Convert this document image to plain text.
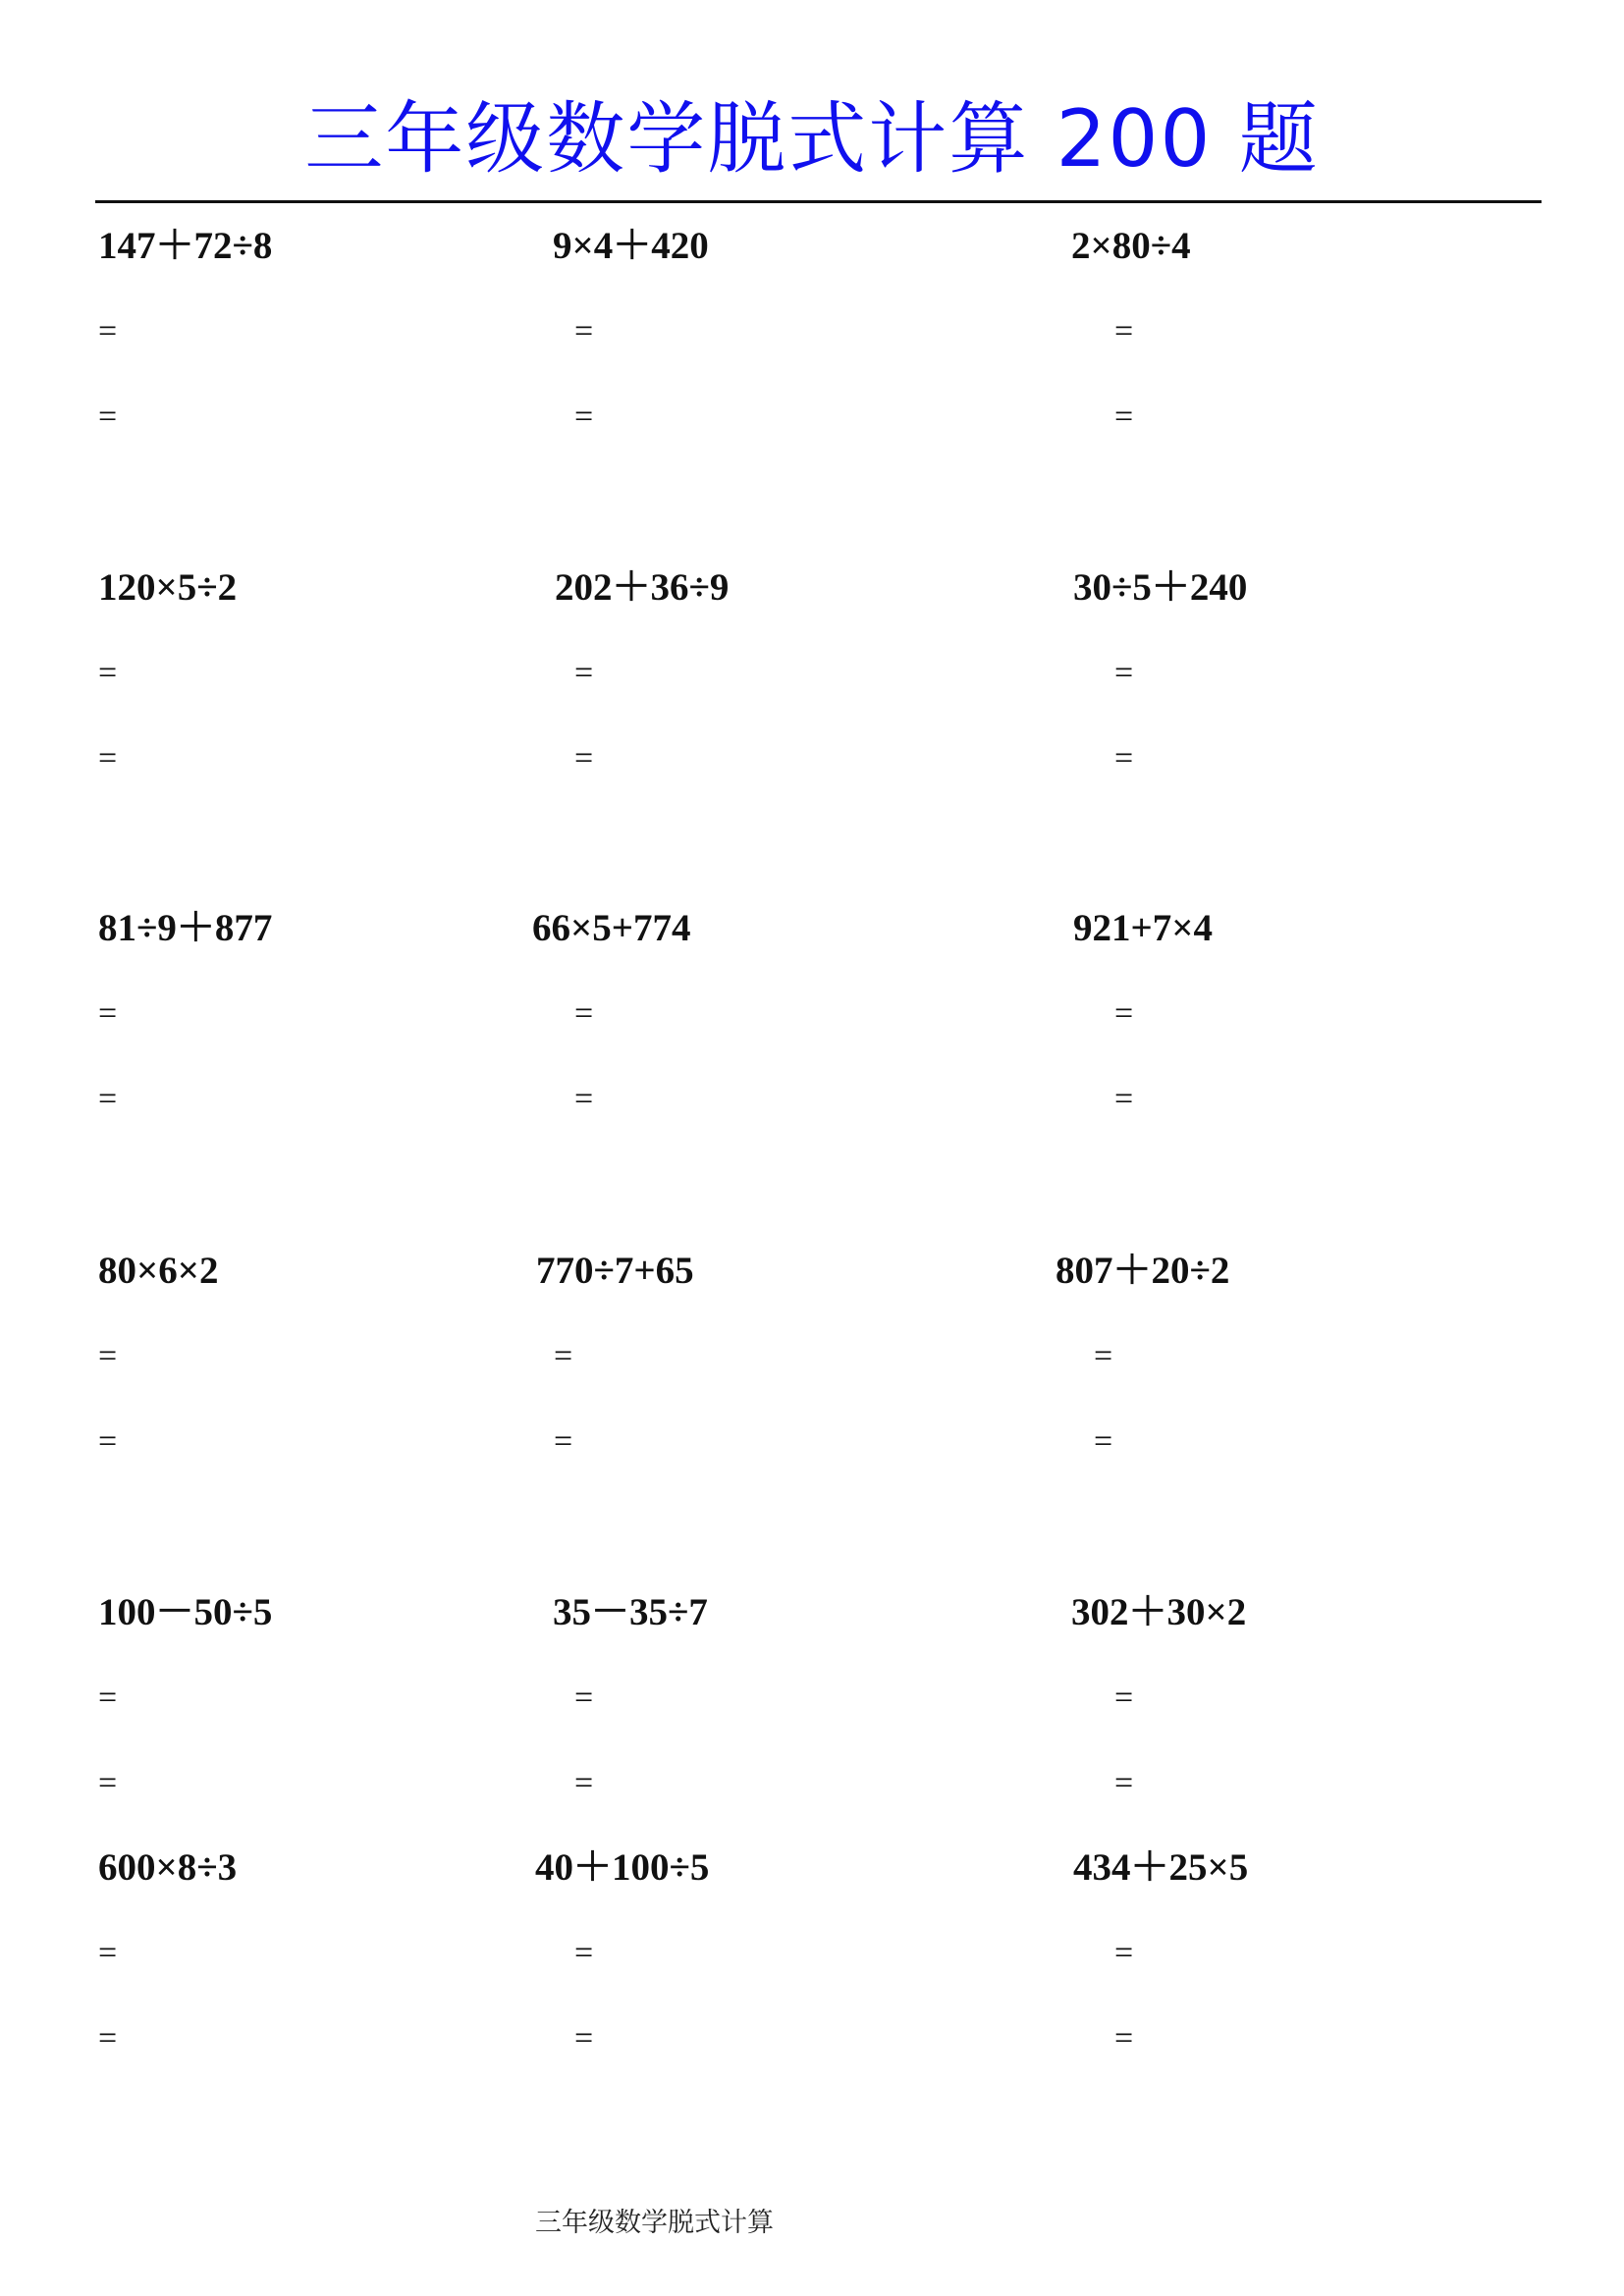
三年级数学脱式计算 200 题
147＋72÷8
=
=
9×4＋420
=
=
2×80÷4
=
=
120×5÷2
=
=
202＋36÷9
=
=
30÷5＋240
=
=
81÷9＋877
=
=
66×5+774
=
=
921+7×4
=
=
80×6×2
=
=
770÷7+65
=
=
807＋20÷2
=
=
100－50÷5
=
=
35－35÷7
=
=
302＋30×2
=
=
600×8÷3
=
=
40＋100÷5
=
=
434＋25×5
=
=
三年级数学脱式计算
